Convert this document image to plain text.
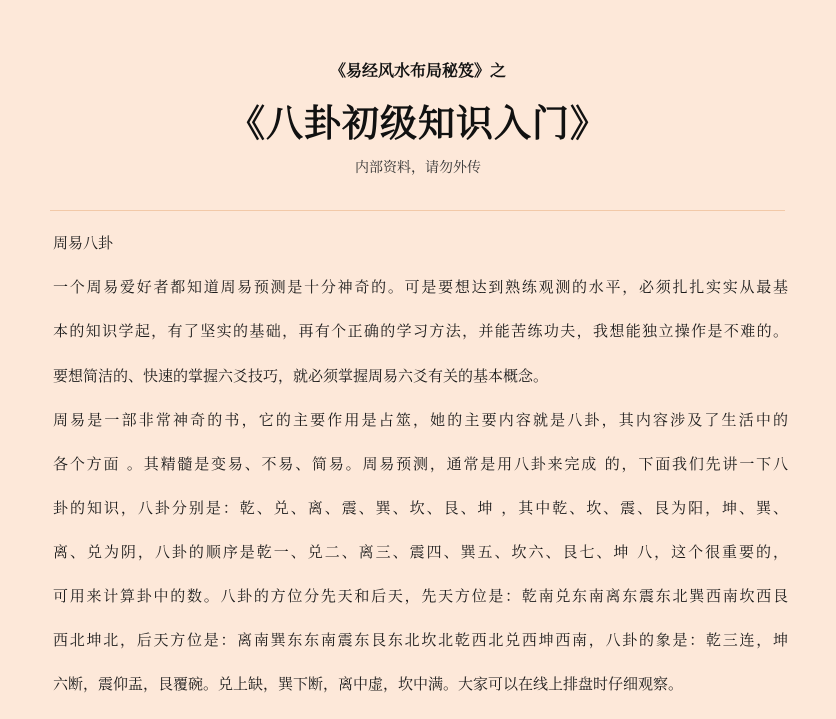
《易经风水布局秘笈》之
《八卦初级知识入门》
内部资料，请勿外传
周易八卦
一个周易爱好者都知道周易预测是十分神奇的。可是要想达到熟练观测的水平，必须扎扎实实从最基
本的知识学起，有了坚实的基础，再有个正确的学习方法，并能苦练功夫，我想能独立操作是不难的。
要想简洁的、快速的掌握六爻技巧，就必须掌握周易六爻有关的基本概念。
周易是一部非常神奇的书，它的主要作用是占筮，她的主要内容就是八卦，其内容涉及了生活中的
各个方面 。其精髓是变易、不易、简易。周易预测，通常是用八卦来完成 的，下面我们先讲一下八
卦的知识，八卦分别是：乾、兑、离、震、巽、坎、艮、坤 ，其中乾、坎、震、艮为阳，坤、巽、
离、兑为阴，八卦的顺序是乾一、兑二、离三、震四、巽五、坎六、艮七、坤 八，这个很重要的，
可用来计算卦中的数。八卦的方位分先天和后天，先天方位是：乾南兑东南离东震东北巽西南坎西艮
西北坤北，后天方位是：离南巽东东南震东艮东北坎北乾西北兑西坤西南，八卦的象是：乾三连，坤
六断，震仰盂，艮覆碗。兑上缺，巽下断，离中虚，坎中满。大家可以在线上排盘时仔细观察。
